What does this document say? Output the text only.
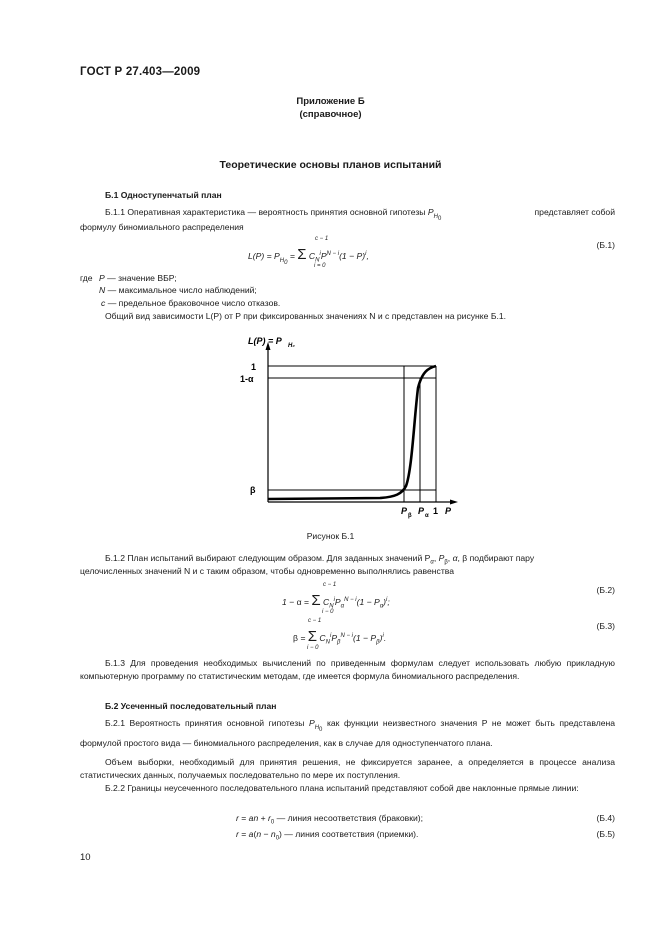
ГОСТ Р 27.403—2009
Приложение Б
(справочное)
Теоретические основы планов испытаний
Б.1 Одноступенчатый план
Б.1.1 Оперативная характеристика — вероятность принятия основной гипотезы $P_{H_0}$
представляет собой
формулу биномиального распределения
$L(P) = P_{H_0} = \Sigma$ $C_N^iP^{N - i}(1 - P)^i$,
c − 1
i = 0
(Б.1)
где P — значение ВБР;
N — максимальное число наблюдений;
c — предельное браковочное число отказов.
Общий вид зависимости L(P) от P при фиксированных значениях N и c представлен на рисунке Б.1.
L(P) = P H₀
1
1-α
β
P β P α 1 P
Рисунок Б.1
Б.1.2 План испытаний выбирают следующим образом. Для заданных значений $P_\alpha$, $P_\beta$, α, β подбирают пару
целочисленных значений N и c таким образом, чтобы одновременно выполнялись равенства
1 − α = Σ $C_N^iP_\alpha^{N - i}(1 - P_\alpha)^i$;
c − 1
i − 0
(Б.2)
β = Σ $C_N^iP_\beta^{N - i}(1 - P_\beta)^i$.
c − 1
i − 0
(Б.3)
Б.1.3 Для проведения необходимых вычислений по приведенным формулам следует использовать любую прикладную компьютерную программу по статистическим методам, где имеется формула биномиального распределения.
Б.2 Усеченный последовательный план
Б.2.1 Вероятность принятия основной гипотезы $P_{H_0}$ как функции неизвестного значения P не может быть представлена формулой простого вида — биномиального распределения, как в случае для одноступенчатого плана.
Объем выборки, необходимый для принятия решения, не фиксируется заранее, а определяется в процессе анализа статистических данных, получаемых последовательно по мере их поступления.
Б.2.2 Границы неусеченного последовательного плана испытаний представляют собой две наклонные прямые линии:
r = an + $r_0$ — линия несоответствия (браковки);	(Б.4)
$r = a(n - n_0)$ — линия соответствия (приемки).	(Б.5)
10
